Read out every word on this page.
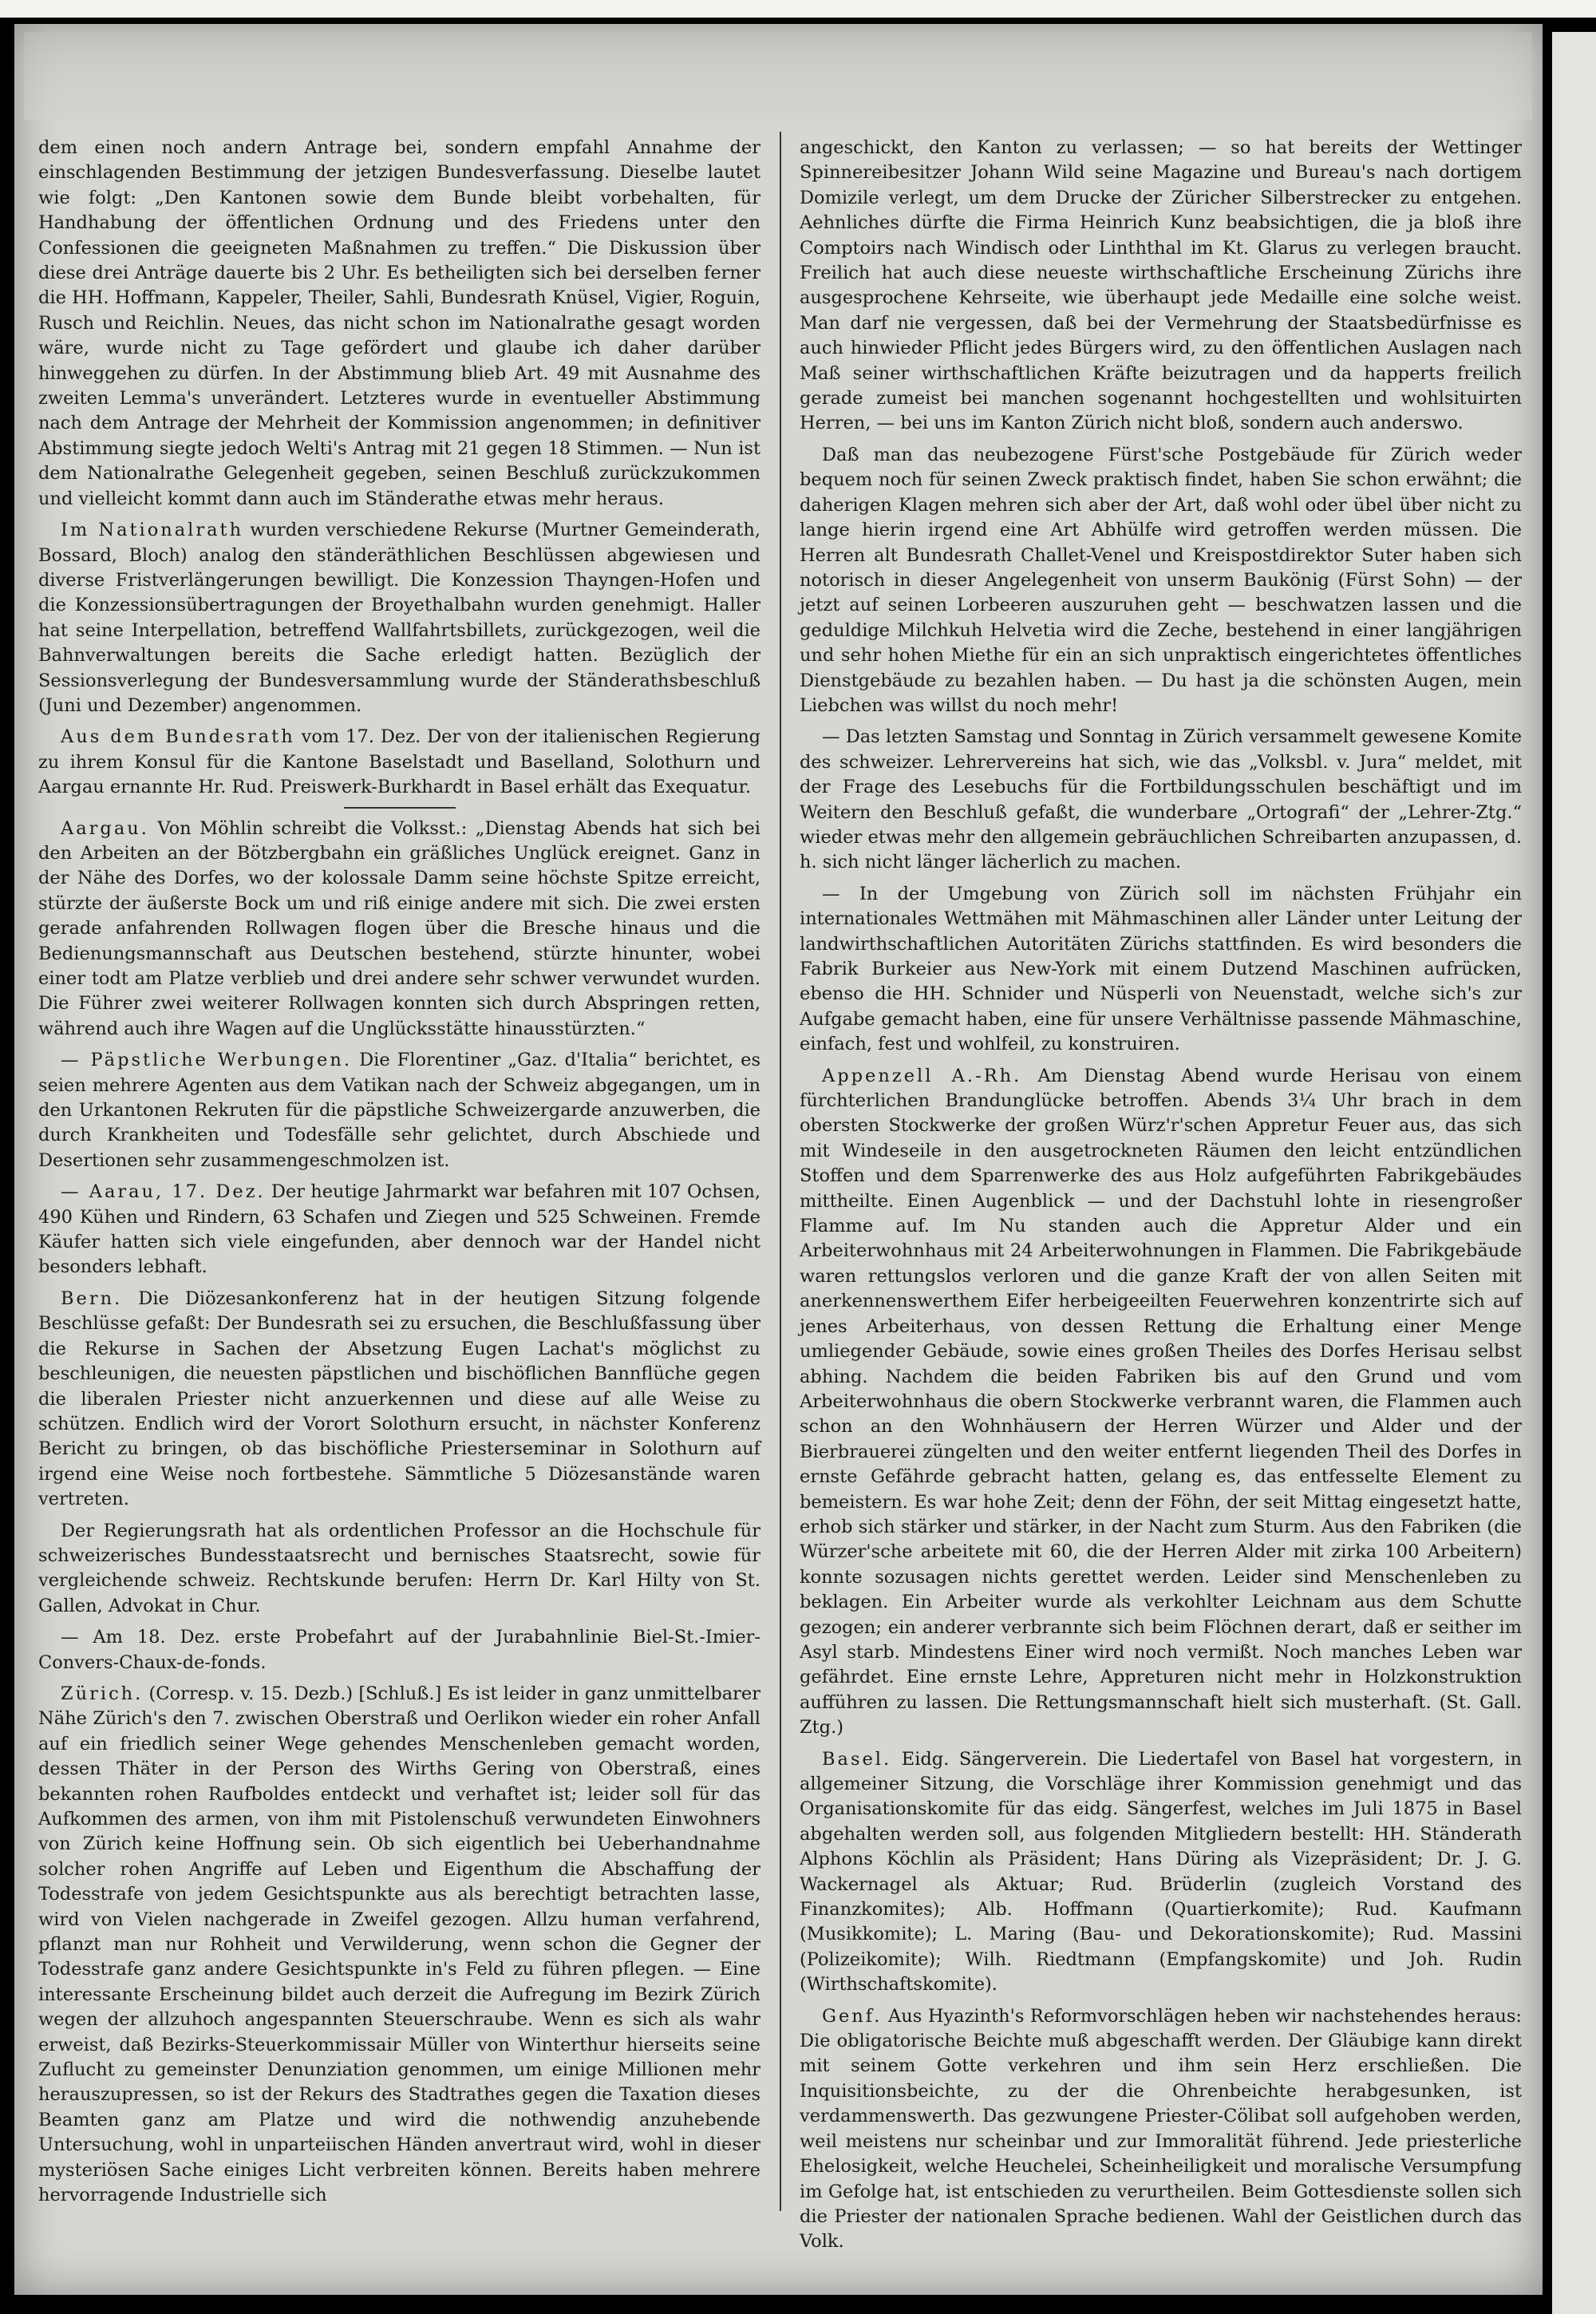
dem einen noch andern Antrage bei, sondern empfahl Annahme der einschlagenden Bestimmung der jetzigen Bundesverfassung. Dieselbe lautet wie folgt: „Den Kantonen sowie dem Bunde bleibt vorbehalten, für Handhabung der öffentlichen Ordnung und des Friedens unter den Confessionen die geeigneten Maßnahmen zu treffen.“ Die Diskussion über diese drei Anträge dauerte bis 2 Uhr. Es betheiligten sich bei derselben ferner die HH. Hoffmann, Kappeler, Theiler, Sahli, Bundesrath Knüsel, Vigier, Roguin, Rusch und Reichlin. Neues, das nicht schon im Nationalrathe gesagt worden wäre, wurde nicht zu Tage gefördert und glaube ich daher darüber hinweggehen zu dürfen. In der Abstimmung blieb Art. 49 mit Ausnahme des zweiten Lemma's unverändert. Letzteres wurde in eventueller Abstimmung nach dem Antrage der Mehrheit der Kommission angenommen; in definitiver Abstimmung siegte jedoch Welti's Antrag mit 21 gegen 18 Stimmen. — Nun ist dem Nationalrathe Gelegenheit gegeben, seinen Beschluß zurückzukommen und vielleicht kommt dann auch im Ständerathe etwas mehr heraus.

Im Nationalrath wurden verschiedene Rekurse (Murtner Gemeinderath, Bossard, Bloch) analog den ständeräthlichen Beschlüssen abgewiesen und diverse Fristverlängerungen bewilligt. Die Konzession Thayngen-Hofen und die Konzessionsübertragungen der Broyethalbahn wurden genehmigt. Haller hat seine Interpellation, betreffend Wallfahrtsbillets, zurückgezogen, weil die Bahnverwaltungen bereits die Sache erledigt hatten. Bezüglich der Sessionsverlegung der Bundesversammlung wurde der Ständerathsbeschluß (Juni und Dezember) angenommen.

Aus dem Bundesrath vom 17. Dez. Der von der italienischen Regierung zu ihrem Konsul für die Kantone Baselstadt und Baselland, Solothurn und Aargau ernannte Hr. Rud. Preiswerk-Burkhardt in Basel erhält das Exequatur.

Aargau. Von Möhlin schreibt die Volksst.: „Dienstag Abends hat sich bei den Arbeiten an der Bötzbergbahn ein gräßliches Unglück ereignet. Ganz in der Nähe des Dorfes, wo der kolossale Damm seine höchste Spitze erreicht, stürzte der äußerste Bock um und riß einige andere mit sich. Die zwei ersten gerade anfahrenden Rollwagen flogen über die Bresche hinaus und die Bedienungsmannschaft aus Deutschen bestehend, stürzte hinunter, wobei einer todt am Platze verblieb und drei andere sehr schwer verwundet wurden. Die Führer zwei weiterer Rollwagen konnten sich durch Abspringen retten, während auch ihre Wagen auf die Unglücksstätte hinausstürzten.“

— Päpstliche Werbungen. Die Florentiner „Gaz. d'Italia“ berichtet, es seien mehrere Agenten aus dem Vatikan nach der Schweiz abgegangen, um in den Urkantonen Rekruten für die päpstliche Schweizergarde anzuwerben, die durch Krankheiten und Todesfälle sehr gelichtet, durch Abschiede und Desertionen sehr zusammengeschmolzen ist.

— Aarau, 17. Dez. Der heutige Jahrmarkt war befahren mit 107 Ochsen, 490 Kühen und Rindern, 63 Schafen und Ziegen und 525 Schweinen. Fremde Käufer hatten sich viele eingefunden, aber dennoch war der Handel nicht besonders lebhaft.

Bern. Die Diözesankonferenz hat in der heutigen Sitzung folgende Beschlüsse gefaßt: Der Bundesrath sei zu ersuchen, die Beschlußfassung über die Rekurse in Sachen der Absetzung Eugen Lachat's möglichst zu beschleunigen, die neuesten päpstlichen und bischöflichen Bannflüche gegen die liberalen Priester nicht anzuerkennen und diese auf alle Weise zu schützen. Endlich wird der Vorort Solothurn ersucht, in nächster Konferenz Bericht zu bringen, ob das bischöfliche Priesterseminar in Solothurn auf irgend eine Weise noch fortbestehe. Sämmtliche 5 Diözesanstände waren vertreten.

Der Regierungsrath hat als ordentlichen Professor an die Hochschule für schweizerisches Bundesstaatsrecht und bernisches Staatsrecht, sowie für vergleichende schweiz. Rechtskunde berufen: Herrn Dr. Karl Hilty von St. Gallen, Advokat in Chur.

— Am 18. Dez. erste Probefahrt auf der Jurabahnlinie Biel-St.-Imier-Convers-Chaux-de-fonds.

Zürich. (Corresp. v. 15. Dezb.) [Schluß.] Es ist leider in ganz unmittelbarer Nähe Zürich's den 7. zwischen Oberstraß und Oerlikon wieder ein roher Anfall auf ein friedlich seiner Wege gehendes Menschenleben gemacht worden, dessen Thäter in der Person des Wirths Gering von Oberstraß, eines bekannten rohen Raufboldes entdeckt und verhaftet ist; leider soll für das Aufkommen des armen, von ihm mit Pistolenschuß verwundeten Einwohners von Zürich keine Hoffnung sein. Ob sich eigentlich bei Ueberhandnahme solcher rohen Angriffe auf Leben und Eigenthum die Abschaffung der Todesstrafe von jedem Gesichtspunkte aus als berechtigt betrachten lasse, wird von Vielen nachgerade in Zweifel gezogen. Allzu human verfahrend, pflanzt man nur Rohheit und Verwilderung, wenn schon die Gegner der Todesstrafe ganz andere Gesichtspunkte in's Feld zu führen pflegen. — Eine interessante Erscheinung bildet auch derzeit die Aufregung im Bezirk Zürich wegen der allzuhoch angespannten Steuerschraube. Wenn es sich als wahr erweist, daß Bezirks-Steuerkommissair Müller von Winterthur hierseits seine Zuflucht zu gemeinster Denunziation genommen, um einige Millionen mehr herauszupressen, so ist der Rekurs des Stadtrathes gegen die Taxation dieses Beamten ganz am Platze und wird die nothwendig anzuhebende Untersuchung, wohl in unparteiischen Händen anvertraut wird, wohl in dieser mysteriösen Sache einiges Licht verbreiten können. Bereits haben mehrere hervorragende Industrielle sich

angeschickt, den Kanton zu verlassen; — so hat bereits der Wettinger Spinnereibesitzer Johann Wild seine Magazine und Bureau's nach dortigem Domizile verlegt, um dem Drucke der Züricher Silberstrecker zu entgehen. Aehnliches dürfte die Firma Heinrich Kunz beabsichtigen, die ja bloß ihre Comptoirs nach Windisch oder Linththal im Kt. Glarus zu verlegen braucht. Freilich hat auch diese neueste wirthschaftliche Erscheinung Zürichs ihre ausgesprochene Kehrseite, wie überhaupt jede Medaille eine solche weist. Man darf nie vergessen, daß bei der Vermehrung der Staatsbedürfnisse es auch hinwieder Pflicht jedes Bürgers wird, zu den öffentlichen Auslagen nach Maß seiner wirthschaftlichen Kräfte beizutragen und da happerts freilich gerade zumeist bei manchen sogenannt hochgestellten und wohlsituirten Herren, — bei uns im Kanton Zürich nicht bloß, sondern auch anderswo.

Daß man das neubezogene Fürst'sche Postgebäude für Zürich weder bequem noch für seinen Zweck praktisch findet, haben Sie schon erwähnt; die daherigen Klagen mehren sich aber der Art, daß wohl oder übel über nicht zu lange hierin irgend eine Art Abhülfe wird getroffen werden müssen. Die Herren alt Bundesrath Challet-Venel und Kreispostdirektor Suter haben sich notorisch in dieser Angelegenheit von unserm Baukönig (Fürst Sohn) — der jetzt auf seinen Lorbeeren auszuruhen geht — beschwatzen lassen und die geduldige Milchkuh Helvetia wird die Zeche, bestehend in einer langjährigen und sehr hohen Miethe für ein an sich unpraktisch eingerichtetes öffentliches Dienstgebäude zu bezahlen haben. — Du hast ja die schönsten Augen, mein Liebchen was willst du noch mehr!

— Das letzten Samstag und Sonntag in Zürich versammelt gewesene Komite des schweizer. Lehrervereins hat sich, wie das „Volksbl. v. Jura“ meldet, mit der Frage des Lesebuchs für die Fortbildungsschulen beschäftigt und im Weitern den Beschluß gefaßt, die wunderbare „Ortografi“ der „Lehrer-Ztg.“ wieder etwas mehr den allgemein gebräuchlichen Schreibarten anzupassen, d. h. sich nicht länger lächerlich zu machen.

— In der Umgebung von Zürich soll im nächsten Frühjahr ein internationales Wettmähen mit Mähmaschinen aller Länder unter Leitung der landwirthschaftlichen Autoritäten Zürichs stattfinden. Es wird besonders die Fabrik Burkeier aus New-York mit einem Dutzend Maschinen aufrücken, ebenso die HH. Schnider und Nüsperli von Neuenstadt, welche sich's zur Aufgabe gemacht haben, eine für unsere Verhältnisse passende Mähmaschine, einfach, fest und wohlfeil, zu konstruiren.

Appenzell A.-Rh. Am Dienstag Abend wurde Herisau von einem fürchterlichen Brandunglücke betroffen. Abends 3¼ Uhr brach in dem obersten Stockwerke der großen Würz'r'schen Appretur Feuer aus, das sich mit Windeseile in den ausgetrockneten Räumen den leicht entzündlichen Stoffen und dem Sparrenwerke des aus Holz aufgeführten Fabrikgebäudes mittheilte. Einen Augenblick — und der Dachstuhl lohte in riesengroßer Flamme auf. Im Nu standen auch die Appretur Alder und ein Arbeiterwohnhaus mit 24 Arbeiterwohnungen in Flammen. Die Fabrikgebäude waren rettungslos verloren und die ganze Kraft der von allen Seiten mit anerkennenswerthem Eifer herbeigeeilten Feuerwehren konzentrirte sich auf jenes Arbeiterhaus, von dessen Rettung die Erhaltung einer Menge umliegender Gebäude, sowie eines großen Theiles des Dorfes Herisau selbst abhing. Nachdem die beiden Fabriken bis auf den Grund und vom Arbeiterwohnhaus die obern Stockwerke verbrannt waren, die Flammen auch schon an den Wohnhäusern der Herren Würzer und Alder und der Bierbrauerei züngelten und den weiter entfernt liegenden Theil des Dorfes in ernste Gefährde gebracht hatten, gelang es, das entfesselte Element zu bemeistern. Es war hohe Zeit; denn der Föhn, der seit Mittag eingesetzt hatte, erhob sich stärker und stärker, in der Nacht zum Sturm. Aus den Fabriken (die Würzer'sche arbeitete mit 60, die der Herren Alder mit zirka 100 Arbeitern) konnte sozusagen nichts gerettet werden. Leider sind Menschenleben zu beklagen. Ein Arbeiter wurde als verkohlter Leichnam aus dem Schutte gezogen; ein anderer verbrannte sich beim Flöchnen derart, daß er seither im Asyl starb. Mindestens Einer wird noch vermißt. Noch manches Leben war gefährdet. Eine ernste Lehre, Appreturen nicht mehr in Holzkonstruktion aufführen zu lassen. Die Rettungsmannschaft hielt sich musterhaft. (St. Gall. Ztg.)

Basel. Eidg. Sängerverein. Die Liedertafel von Basel hat vorgestern, in allgemeiner Sitzung, die Vorschläge ihrer Kommission genehmigt und das Organisationskomite für das eidg. Sängerfest, welches im Juli 1875 in Basel abgehalten werden soll, aus folgenden Mitgliedern bestellt: HH. Ständerath Alphons Köchlin als Präsident; Hans Düring als Vizepräsident; Dr. J. G. Wackernagel als Aktuar; Rud. Brüderlin (zugleich Vorstand des Finanzkomites); Alb. Hoffmann (Quartierkomite); Rud. Kaufmann (Musikkomite); L. Maring (Bau- und Dekorationskomite); Rud. Massini (Polizeikomite); Wilh. Riedtmann (Empfangskomite) und Joh. Rudin (Wirthschaftskomite).

Genf. Aus Hyazinth's Reformvorschlägen heben wir nachstehendes heraus: Die obligatorische Beichte muß abgeschafft werden. Der Gläubige kann direkt mit seinem Gotte verkehren und ihm sein Herz erschließen. Die Inquisitionsbeichte, zu der die Ohrenbeichte herabgesunken, ist verdammenswerth. Das gezwungene Priester-Cölibat soll aufgehoben werden, weil meistens nur scheinbar und zur Immoralität führend. Jede priesterliche Ehelosigkeit, welche Heuchelei, Scheinheiligkeit und moralische Versumpfung im Gefolge hat, ist entschieden zu verurtheilen. Beim Gottesdienste sollen sich die Priester der nationalen Sprache bedienen. Wahl der Geistlichen durch das Volk.
